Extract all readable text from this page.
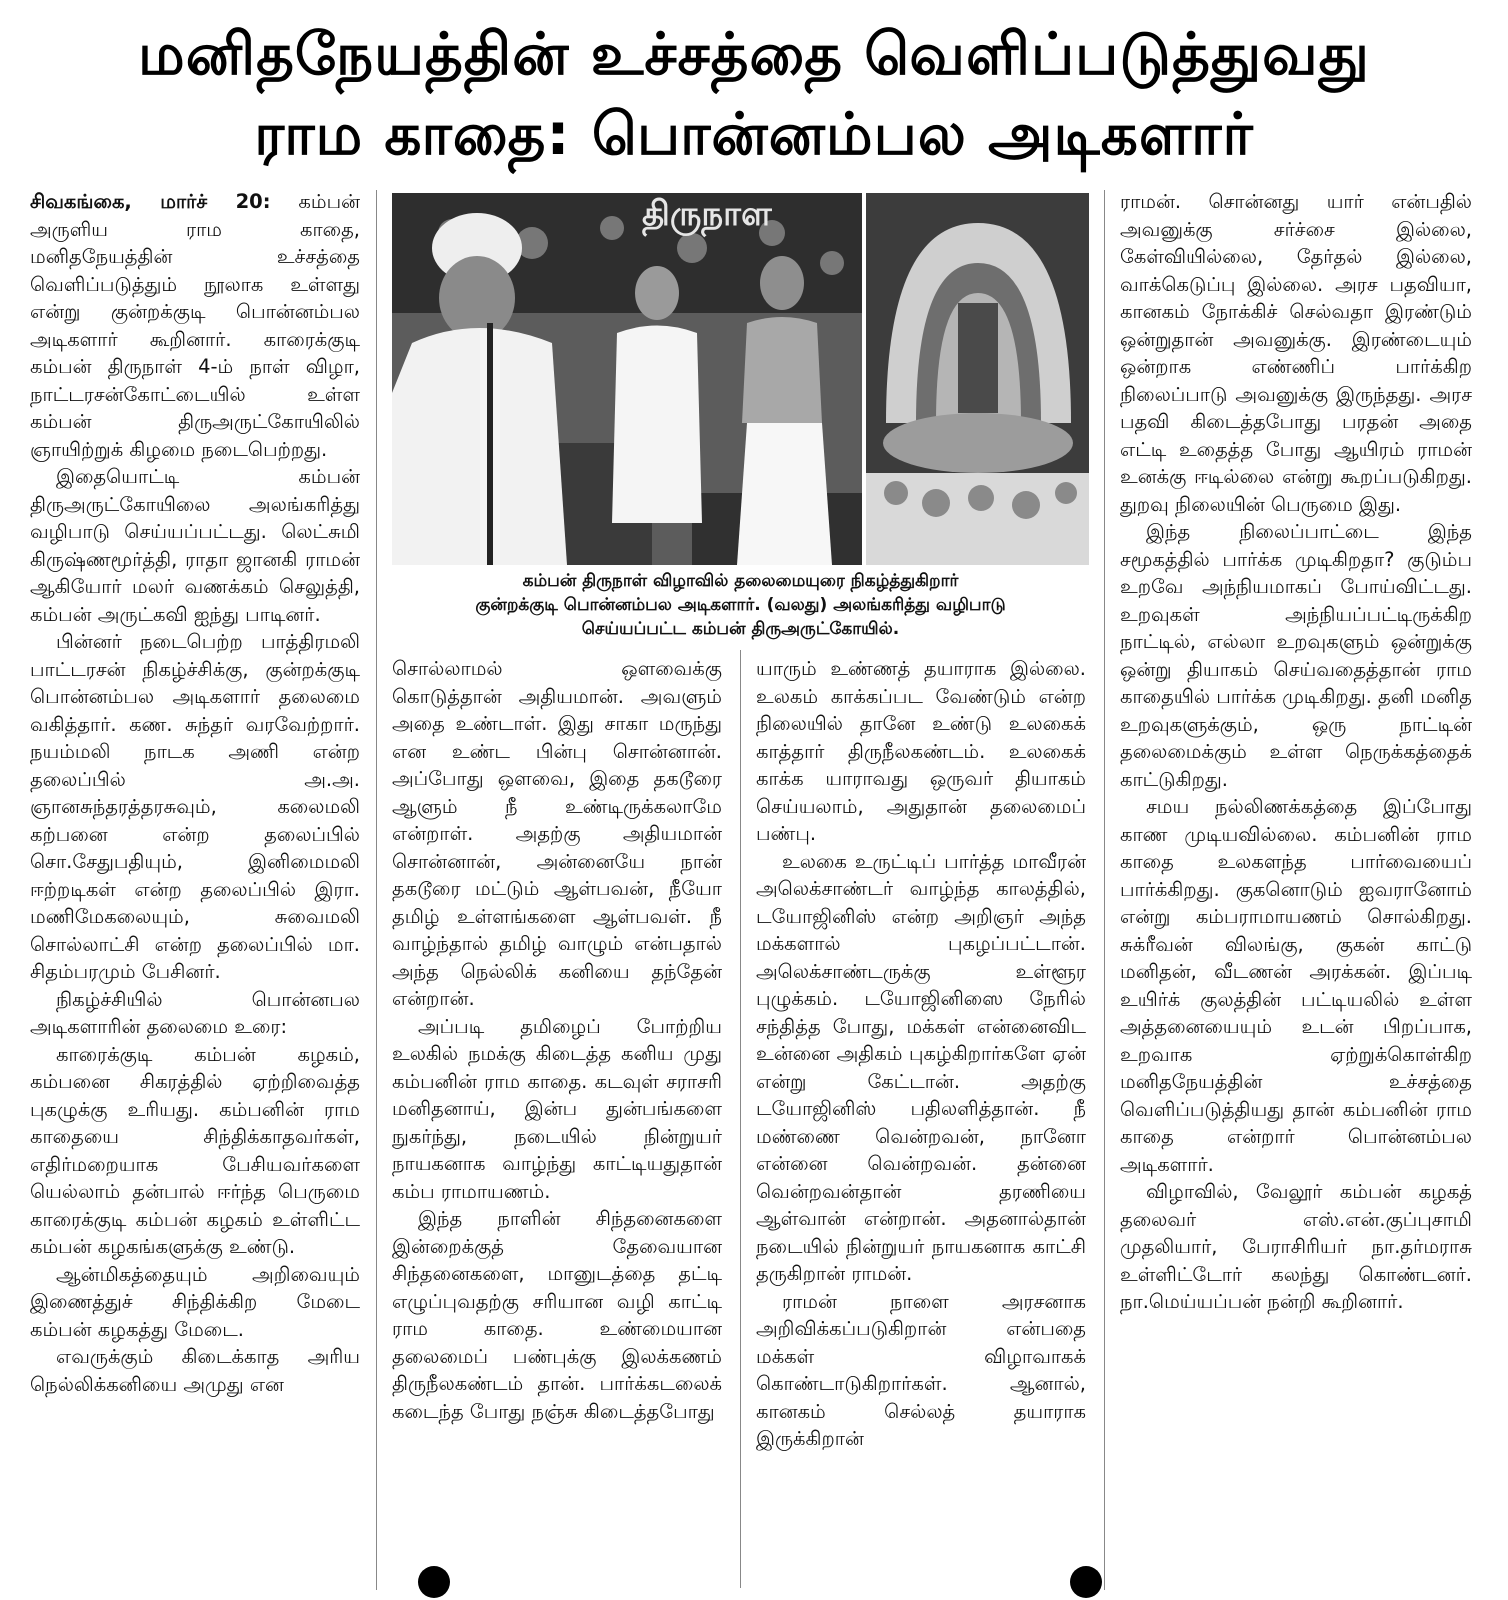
மனிதநேயத்தின் உச்சத்தை வெளிப்படுத்துவது
ராம காதை: பொன்னம்பல அடிகளார்

சிவகங்கை, மார்ச் 20: கம்பன் அருளிய ராம காதை, மனிதநேயத்தின் உச்சத்தை வெளிப்படுத்தும் நூலாக உள்ளது என்று குன்றக்குடி பொன்னம்பல அடிகளார் கூறினார். காரைக்குடி கம்பன் திருநாள் 4-ம் நாள் விழா, நாட்டரசன்கோட்டையில் உள்ள கம்பன் திருஅருட்கோயிலில் ஞாயிற்றுக் கிழமை நடைபெற்றது.

இதையொட்டி கம்பன் திருஅருட்கோயிலை அலங்கரித்து வழிபாடு செய்யப்பட்டது. லெட்சுமி கிருஷ்ணமூர்த்தி, ராதா ஜானகி ராமன் ஆகியோர் மலர் வணக்கம் செலுத்தி, கம்பன் அருட்கவி ஐந்து பாடினர்.

பின்னர் நடைபெற்ற பாத்திரமலி பாட்டரசன் நிகழ்ச்சிக்கு, குன்றக்குடி பொன்னம்பல அடிகளார் தலைமை வகித்தார். கண. சுந்தர் வரவேற்றார். நயம்மலி நாடக அணி என்ற தலைப்பில் அ.அ. ஞானசுந்தரத்தரசுவும், கலைமலி கற்பனை என்ற தலைப்பில் சொ.சேதுபதியும், இனிமைமலி ஈற்றடிகள் என்ற தலைப்பில் இரா. மணிமேகலையும், சுவைமலி சொல்லாட்சி என்ற தலைப்பில் மா. சிதம்பரமும் பேசினர்.

நிகழ்ச்சியில் பொன்னபல அடிகளாரின் தலைமை உரை:

காரைக்குடி கம்பன் கழகம், கம்பனை சிகரத்தில் ஏற்றிவைத்த புகழுக்கு உரியது. கம்பனின் ராம காதையை சிந்திக்காதவர்கள், எதிர்மறையாக பேசியவர்களை யெல்லாம் தன்பால் ஈர்ந்த பெருமை காரைக்குடி கம்பன் கழகம் உள்ளிட்ட கம்பன் கழகங்களுக்கு உண்டு.

ஆன்மிகத்தையும் அறிவையும் இணைத்துச் சிந்திக்கிற மேடை கம்பன் கழகத்து மேடை.

எவருக்கும் கிடைக்காத அரிய நெல்லிக்கனியை அமுது என

திருநாள
கம்பன் திருநாள் விழாவில் தலைமையுரை நிகழ்த்துகிறார்
குன்றக்குடி பொன்னம்பல அடிகளார். (வலது) அலங்கரித்து வழிபாடு
செய்யப்பட்ட கம்பன் திருஅருட்கோயில்.

சொல்லாமல் ஒளவைக்கு கொடுத்தான் அதியமான். அவளும் அதை உண்டாள். இது சாகா மருந்து என உண்ட பின்பு சொன்னான். அப்போது ஒளவை, இதை தகடூரை ஆளும் நீ உண்டிருக்கலாமே என்றாள். அதற்கு அதியமான் சொன்னான், அன்னையே நான் தகடூரை மட்டும் ஆள்பவன், நீயோ தமிழ் உள்ளங்களை ஆள்பவள். நீ வாழ்ந்தால் தமிழ் வாழும் என்பதால் அந்த நெல்லிக் கனியை தந்தேன் என்றான்.

அப்படி தமிழைப் போற்றிய உலகில் நமக்கு கிடைத்த கனிய முது கம்பனின் ராம காதை. கடவுள் சராசரி மனிதனாய், இன்ப துன்பங்களை நுகர்ந்து, நடையில் நின்றுயர் நாயகனாக வாழ்ந்து காட்டியதுதான் கம்ப ராமாயணம்.

இந்த நாளின் சிந்தனைகளை இன்றைக்குத் தேவையான சிந்தனைகளை, மானுடத்தை தட்டி எழுப்புவதற்கு சரியான வழி காட்டி ராம காதை. உண்மையான தலைமைப் பண்புக்கு இலக்கணம் திருநீலகண்டம் தான். பார்க்கடலைக் கடைந்த போது நஞ்சு கிடைத்தபோது

யாரும் உண்ணத் தயாராக இல்லை. உலகம் காக்கப்பட வேண்டும் என்ற நிலையில் தானே உண்டு உலகைக் காத்தார் திருநீலகண்டம். உலகைக் காக்க யாராவது ஒருவர் தியாகம் செய்யலாம், அதுதான் தலைமைப் பண்பு.

உலகை உருட்டிப் பார்த்த மாவீரன் அலெக்சாண்டர் வாழ்ந்த காலத்தில், டயோஜினிஸ் என்ற அறிஞர் அந்த மக்களால் புகழப்பட்டான். அலெக்சாண்டருக்கு உள்ளூர புழுக்கம். டயோஜினிஸை நேரில் சந்தித்த போது, மக்கள் என்னைவிட உன்னை அதிகம் புகழ்கிறார்களே ஏன் என்று கேட்டான். அதற்கு டயோஜினிஸ் பதிலளித்தான். நீ மண்ணை வென்றவன், நானோ என்னை வென்றவன். தன்னை வென்றவன்தான் தரணியை ஆள்வான் என்றான். அதனால்தான் நடையில் நின்றுயர் நாயகனாக காட்சி தருகிறான் ராமன்.

ராமன் நாளை அரசனாக அறிவிக்கப்படுகிறான் என்பதை மக்கள் விழாவாகக் கொண்டாடுகிறார்கள். ஆனால், கானகம் செல்லத் தயாராக இருக்கிறான்

ராமன். சொன்னது யார் என்பதில் அவனுக்கு சர்ச்சை இல்லை, கேள்வியில்லை, தேர்தல் இல்லை, வாக்கெடுப்பு இல்லை. அரச பதவியா, கானகம் நோக்கிச் செல்வதா இரண்டும் ஒன்றுதான் அவனுக்கு. இரண்டையும் ஒன்றாக எண்ணிப் பார்க்கிற நிலைப்பாடு அவனுக்கு இருந்தது. அரச பதவி கிடைத்தபோது பரதன் அதை எட்டி உதைத்த போது ஆயிரம் ராமன் உனக்கு ஈடில்லை என்று கூறப்படுகிறது. துறவு நிலையின் பெருமை இது.

இந்த நிலைப்பாட்டை இந்த சமூகத்தில் பார்க்க முடிகிறதா? குடும்ப உறவே அந்நியமாகப் போய்விட்டது. உறவுகள் அந்நியப்பட்டிருக்கிற நாட்டில், எல்லா உறவுகளும் ஒன்றுக்கு ஒன்று தியாகம் செய்வதைத்தான் ராம காதையில் பார்க்க முடிகிறது. தனி மனித உறவுகளுக்கும், ஒரு நாட்டின் தலைமைக்கும் உள்ள நெருக்கத்தைக் காட்டுகிறது.

சமய நல்லிணக்கத்தை இப்போது காண முடியவில்லை. கம்பனின் ராம காதை உலகளந்த பார்வையைப் பார்க்கிறது. குகனொடும் ஐவரானோம் என்று கம்பராமாயணம் சொல்கிறது. சுக்ரீவன் விலங்கு, குகன் காட்டு மனிதன், வீடணன் அரக்கன். இப்படி உயிர்க் குலத்தின் பட்டியலில் உள்ள அத்தனையையும் உடன் பிறப்பாக, உறவாக ஏற்றுக்கொள்கிற மனிதநேயத்தின் உச்சத்தை வெளிப்படுத்தியது தான் கம்பனின் ராம காதை என்றார் பொன்னம்பல அடிகளார்.

விழாவில், வேலூர் கம்பன் கழகத் தலைவர் எஸ்.என்.குப்புசாமி முதலியார், பேராசிரியர் நா.தர்மராசு உள்ளிட்டோர் கலந்து கொண்டனர். நா.மெய்யப்பன் நன்றி கூறினார்.
